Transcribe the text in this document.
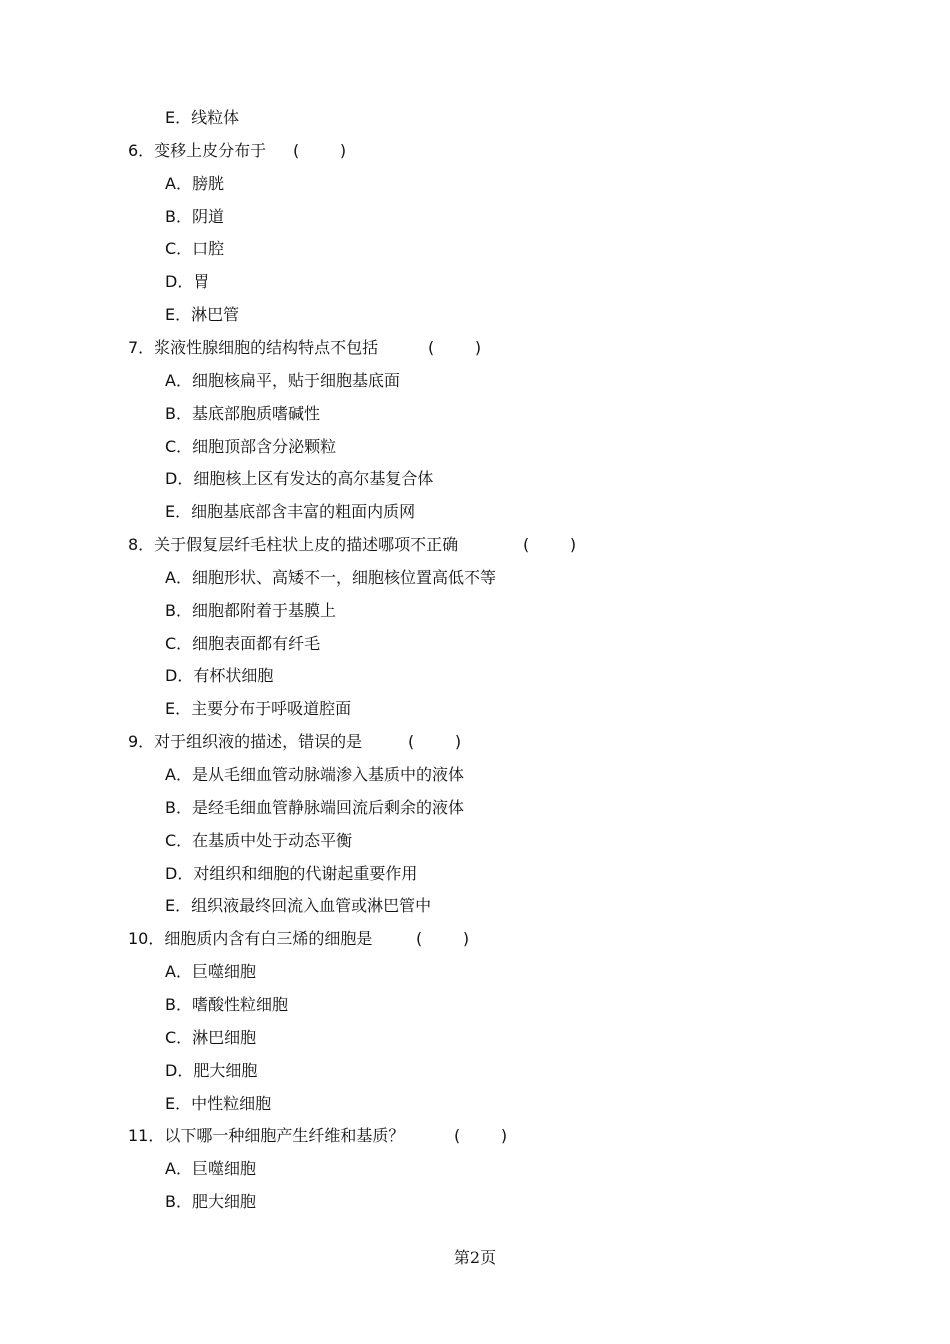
E．线粒体
6．变移上皮分布于 (        )
A．膀胱
B．阴道
C．口腔
D．胃
E．淋巴管
7．浆液性腺细胞的结构特点不包括	(        )
A．细胞核扁平，贴于细胞基底面
B．基底部胞质嗜碱性
C．细胞顶部含分泌颗粒
D．细胞核上区有发达的高尔基复合体
E．细胞基底部含丰富的粗面内质网
8．关于假复层纤毛柱状上皮的描述哪项不正确	(        )
A．细胞形状、高矮不一，细胞核位置高低不等
B．细胞都附着于基膜上
C．细胞表面都有纤毛
D．有杯状细胞
E．主要分布于呼吸道腔面
9．对于组织液的描述，错误的是	(        )
A．是从毛细血管动脉端渗入基质中的液体
B．是经毛细血管静脉端回流后剩余的液体
C．在基质中处于动态平衡
D．对组织和细胞的代谢起重要作用
E．组织液最终回流入血管或淋巴管中
10．细胞质内含有白三烯的细胞是	(        )
A．巨噬细胞
B．嗜酸性粒细胞
C．淋巴细胞
D．肥大细胞
E．中性粒细胞
11．以下哪一种细胞产生纤维和基质？	(        )
A．巨噬细胞
B．肥大细胞
第2页
